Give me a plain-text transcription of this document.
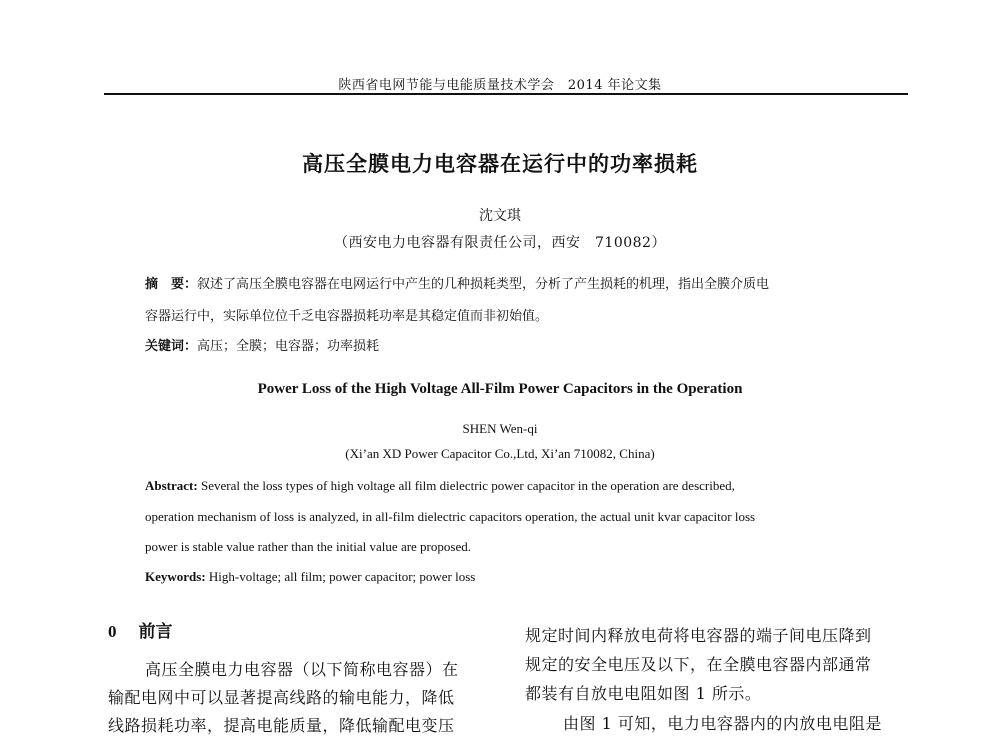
陕西省电网节能与电能质量技术学会　2014 年论文集
高压全膜电力电容器在运行中的功率损耗
沈文琪
（西安电力电容器有限责任公司，西安　710082）
摘　要：叙述了高压全膜电容器在电网运行中产生的几种损耗类型，分析了产生损耗的机理，指出全膜介质电
容器运行中，实际单位位千乏电容器损耗功率是其稳定值而非初始值。
关键词：高压；全膜；电容器；功率损耗
Power Loss of the High Voltage All-Film Power Capacitors in the Operation
SHEN Wen-qi
(Xi’an XD Power Capacitor Co.,Ltd, Xi’an 710082, China)
Abstract: Several the loss types of high voltage all film dielectric power capacitor in the operation are described,
operation mechanism of loss is analyzed, in all-film dielectric capacitors operation, the actual unit kvar capacitor loss
power is stable value rather than the initial value are proposed.
Keywords: High-voltage; all film; power capacitor; power loss
0 前言
高压全膜电力电容器（以下简称电容器）在
输配电网中可以显著提高线路的输电能力，降低
线路损耗功率，提高电能质量，降低输配电变压
规定时间内释放电荷将电容器的端子间电压降到
规定的安全电压及以下，在全膜电容器内部通常
都装有自放电电阻如图 1 所示。
由图 1 可知，电力电容器内的内放电电阻是
